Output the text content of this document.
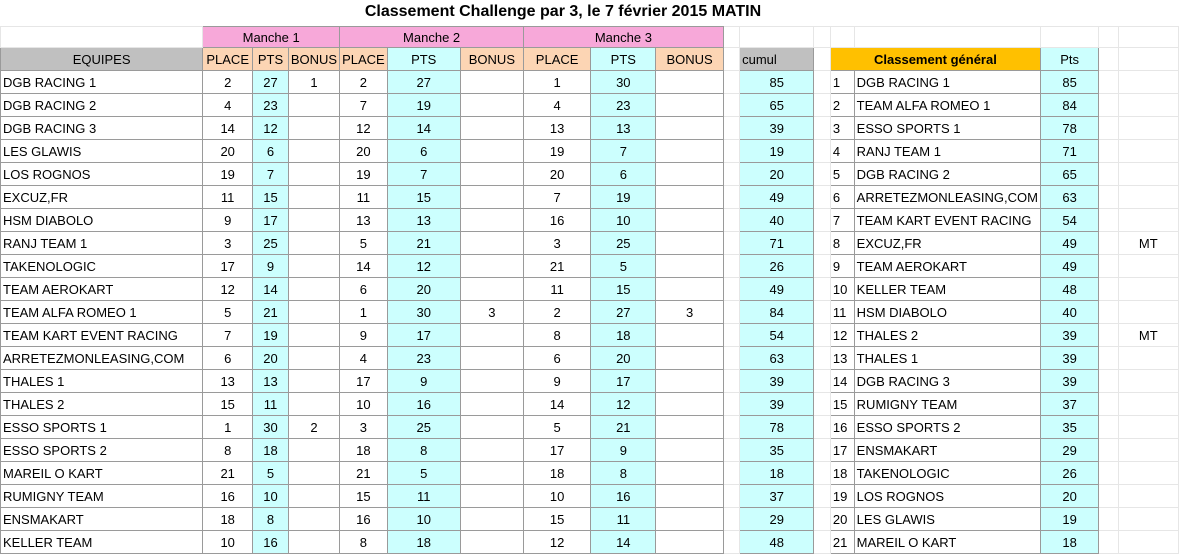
Classement Challenge par 3, le 7 février 2015 MATIN
	Manche 1			Manche 2			Manche 3										
EQUIPES	PLACE	PTS	BONUS	PLACE	PTS	BONUS	PLACE	PTS	BONUS		cumul		Classement général		Pts		
DGB RACING 1	2	27	1	2	27		1	30			85		1	DGB RACING 1	85		
DGB RACING 2	4	23		7	19		4	23			65		2	TEAM ALFA ROMEO 1	84		
DGB RACING 3	14	12		12	14		13	13			39		3	ESSO SPORTS 1	78		
LES GLAWIS	20	6		20	6		19	7			19		4	RANJ TEAM 1	71		
LOS ROGNOS	19	7		19	7		20	6			20		5	DGB RACING 2	65		
EXCUZ,FR	11	15		11	15		7	19			49		6	ARRETEZMONLEASING,COM	63		
HSM DIABOLO	9	17		13	13		16	10			40		7	TEAM KART EVENT RACING	54		
RANJ TEAM 1	3	25		5	21		3	25			71		8	EXCUZ,FR	49		MT
TAKENOLOGIC	17	9		14	12		21	5			26		9	TEAM AEROKART	49		
TEAM AEROKART	12	14		6	20		11	15			49		10	KELLER TEAM	48		
TEAM ALFA ROMEO 1	5	21		1	30	3	2	27	3		84		11	HSM DIABOLO	40		
TEAM KART EVENT RACING	7	19		9	17		8	18			54		12	THALES 2	39		MT
ARRETEZMONLEASING,COM	6	20		4	23		6	20			63		13	THALES 1	39		
THALES 1	13	13		17	9		9	17			39		14	DGB RACING 3	39		
THALES 2	15	11		10	16		14	12			39		15	RUMIGNY TEAM	37		
ESSO SPORTS 1	1	30	2	3	25		5	21			78		16	ESSO SPORTS 2	35		
ESSO SPORTS 2	8	18		18	8		17	9			35		17	ENSMAKART	29		
MAREIL O KART	21	5		21	5		18	8			18		18	TAKENOLOGIC	26		
RUMIGNY TEAM	16	10		15	11		10	16			37		19	LOS ROGNOS	20		
ENSMAKART	18	8		16	10		15	11			29		20	LES GLAWIS	19		
KELLER TEAM	10	16		8	18		12	14			48		21	MAREIL O KART	18		
